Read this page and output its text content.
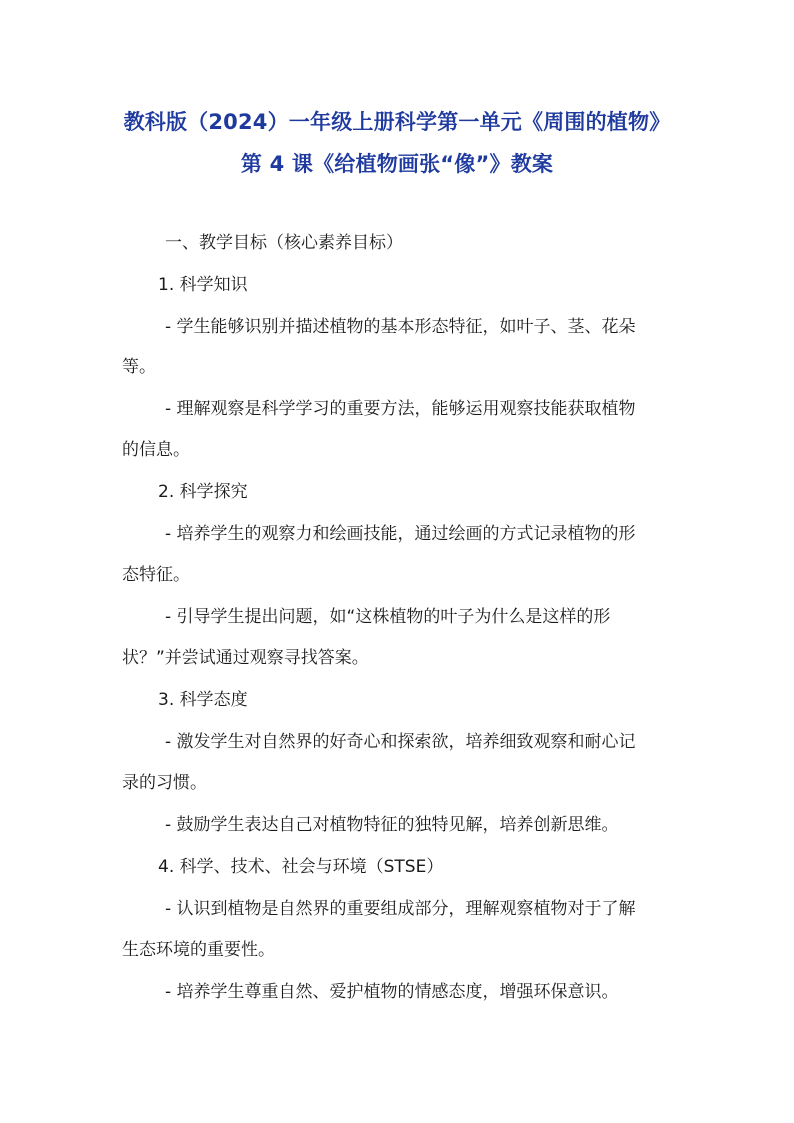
教科版（2024）一年级上册科学第一单元《周围的植物》
第 4 课《给植物画张“像”》教案
一、教学目标（核心素养目标）
1. 科学知识
- 学生能够识别并描述植物的基本形态特征，如叶子、茎、花朵
等。
- 理解观察是科学学习的重要方法，能够运用观察技能获取植物
的信息。
2. 科学探究
- 培养学生的观察力和绘画技能，通过绘画的方式记录植物的形
态特征。
- 引导学生提出问题，如“这株植物的叶子为什么是这样的形
状？”并尝试通过观察寻找答案。
3. 科学态度
- 激发学生对自然界的好奇心和探索欲，培养细致观察和耐心记
录的习惯。
- 鼓励学生表达自己对植物特征的独特见解，培养创新思维。
4. 科学、技术、社会与环境（STSE）
- 认识到植物是自然界的重要组成部分，理解观察植物对于了解
生态环境的重要性。
- 培养学生尊重自然、爱护植物的情感态度，增强环保意识。
